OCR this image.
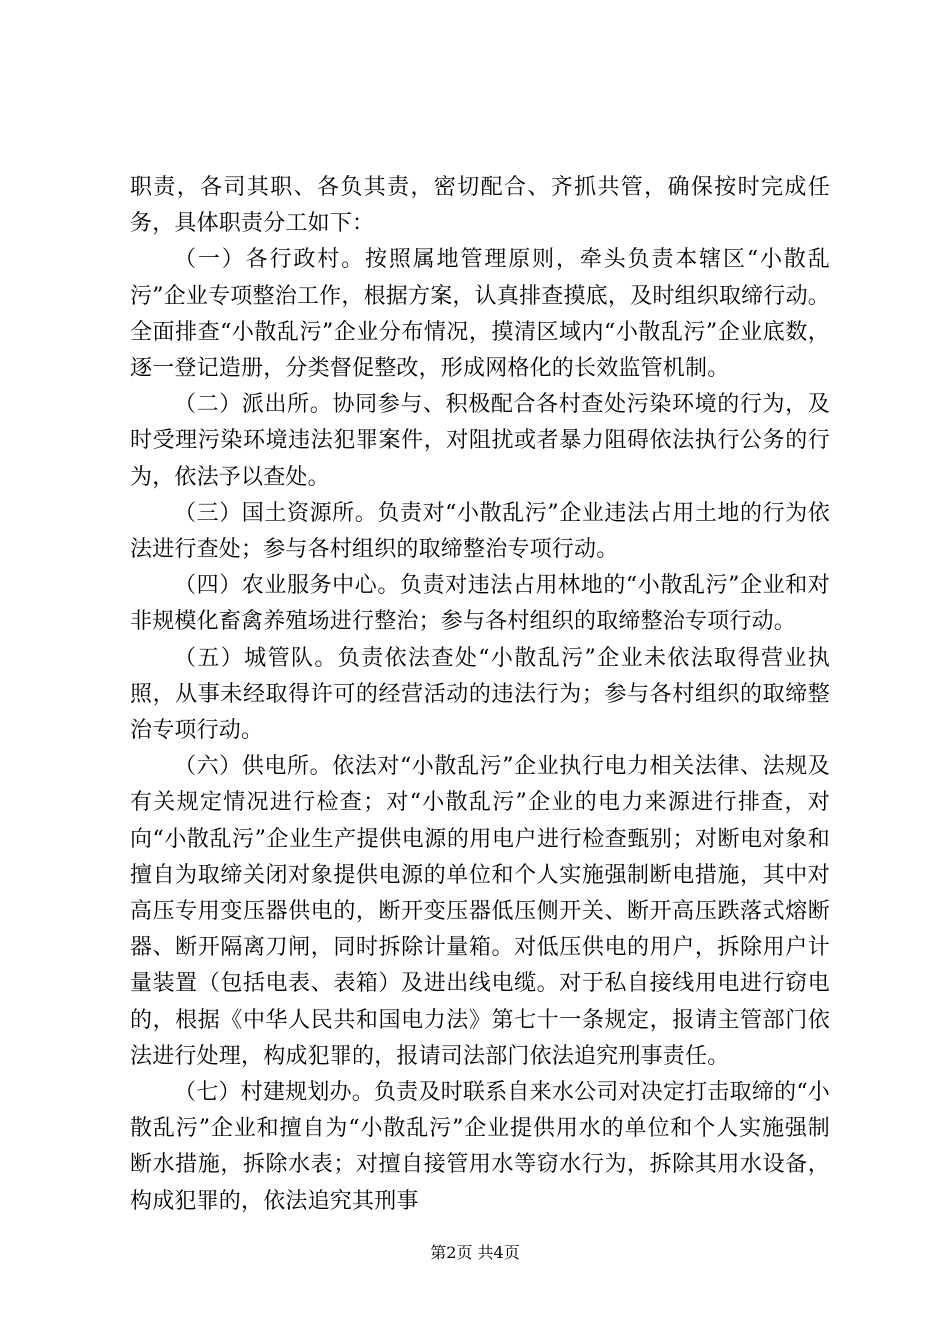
职责，各司其职、各负其责，密切配合、齐抓共管，确保按时完成任务，具体职责分工如下：

（一）各行政村。按照属地管理原则，牵头负责本辖区“小散乱污”企业专项整治工作，根据方案，认真排查摸底，及时组织取缔行动。全面排查“小散乱污”企业分布情况，摸清区域内“小散乱污”企业底数，逐一登记造册，分类督促整改，形成网格化的长效监管机制。

（二）派出所。协同参与、积极配合各村查处污染环境的行为，及时受理污染环境违法犯罪案件，对阻扰或者暴力阻碍依法执行公务的行为，依法予以查处。

（三）国土资源所。负责对“小散乱污”企业违法占用土地的行为依法进行查处；参与各村组织的取缔整治专项行动。

（四）农业服务中心。负责对违法占用林地的“小散乱污”企业和对非规模化畜禽养殖场进行整治；参与各村组织的取缔整治专项行动。

（五）城管队。负责依法查处“小散乱污”企业未依法取得营业执照，从事未经取得许可的经营活动的违法行为；参与各村组织的取缔整治专项行动。

（六）供电所。依法对“小散乱污”企业执行电力相关法律、法规及有关规定情况进行检查；对“小散乱污”企业的电力来源进行排查，对向“小散乱污”企业生产提供电源的用电户进行检查甄别；对断电对象和擅自为取缔关闭对象提供电源的单位和个人实施强制断电措施，其中对高压专用变压器供电的，断开变压器低压侧开关、断开高压跌落式熔断器、断开隔离刀闸，同时拆除计量箱。对低压供电的用户，拆除用户计量装置（包括电表、表箱）及进出线电缆。对于私自接线用电进行窃电的，根据《中华人民共和国电力法》第七十一条规定，报请主管部门依法进行处理，构成犯罪的，报请司法部门依法追究刑事责任。

（七）村建规划办。负责及时联系自来水公司对决定打击取缔的“小散乱污”企业和擅自为“小散乱污”企业提供用水的单位和个人实施强制断水措施，拆除水表；对擅自接管用水等窃水行为，拆除其用水设备，构成犯罪的，依法追究其刑事

第2页 共4页
